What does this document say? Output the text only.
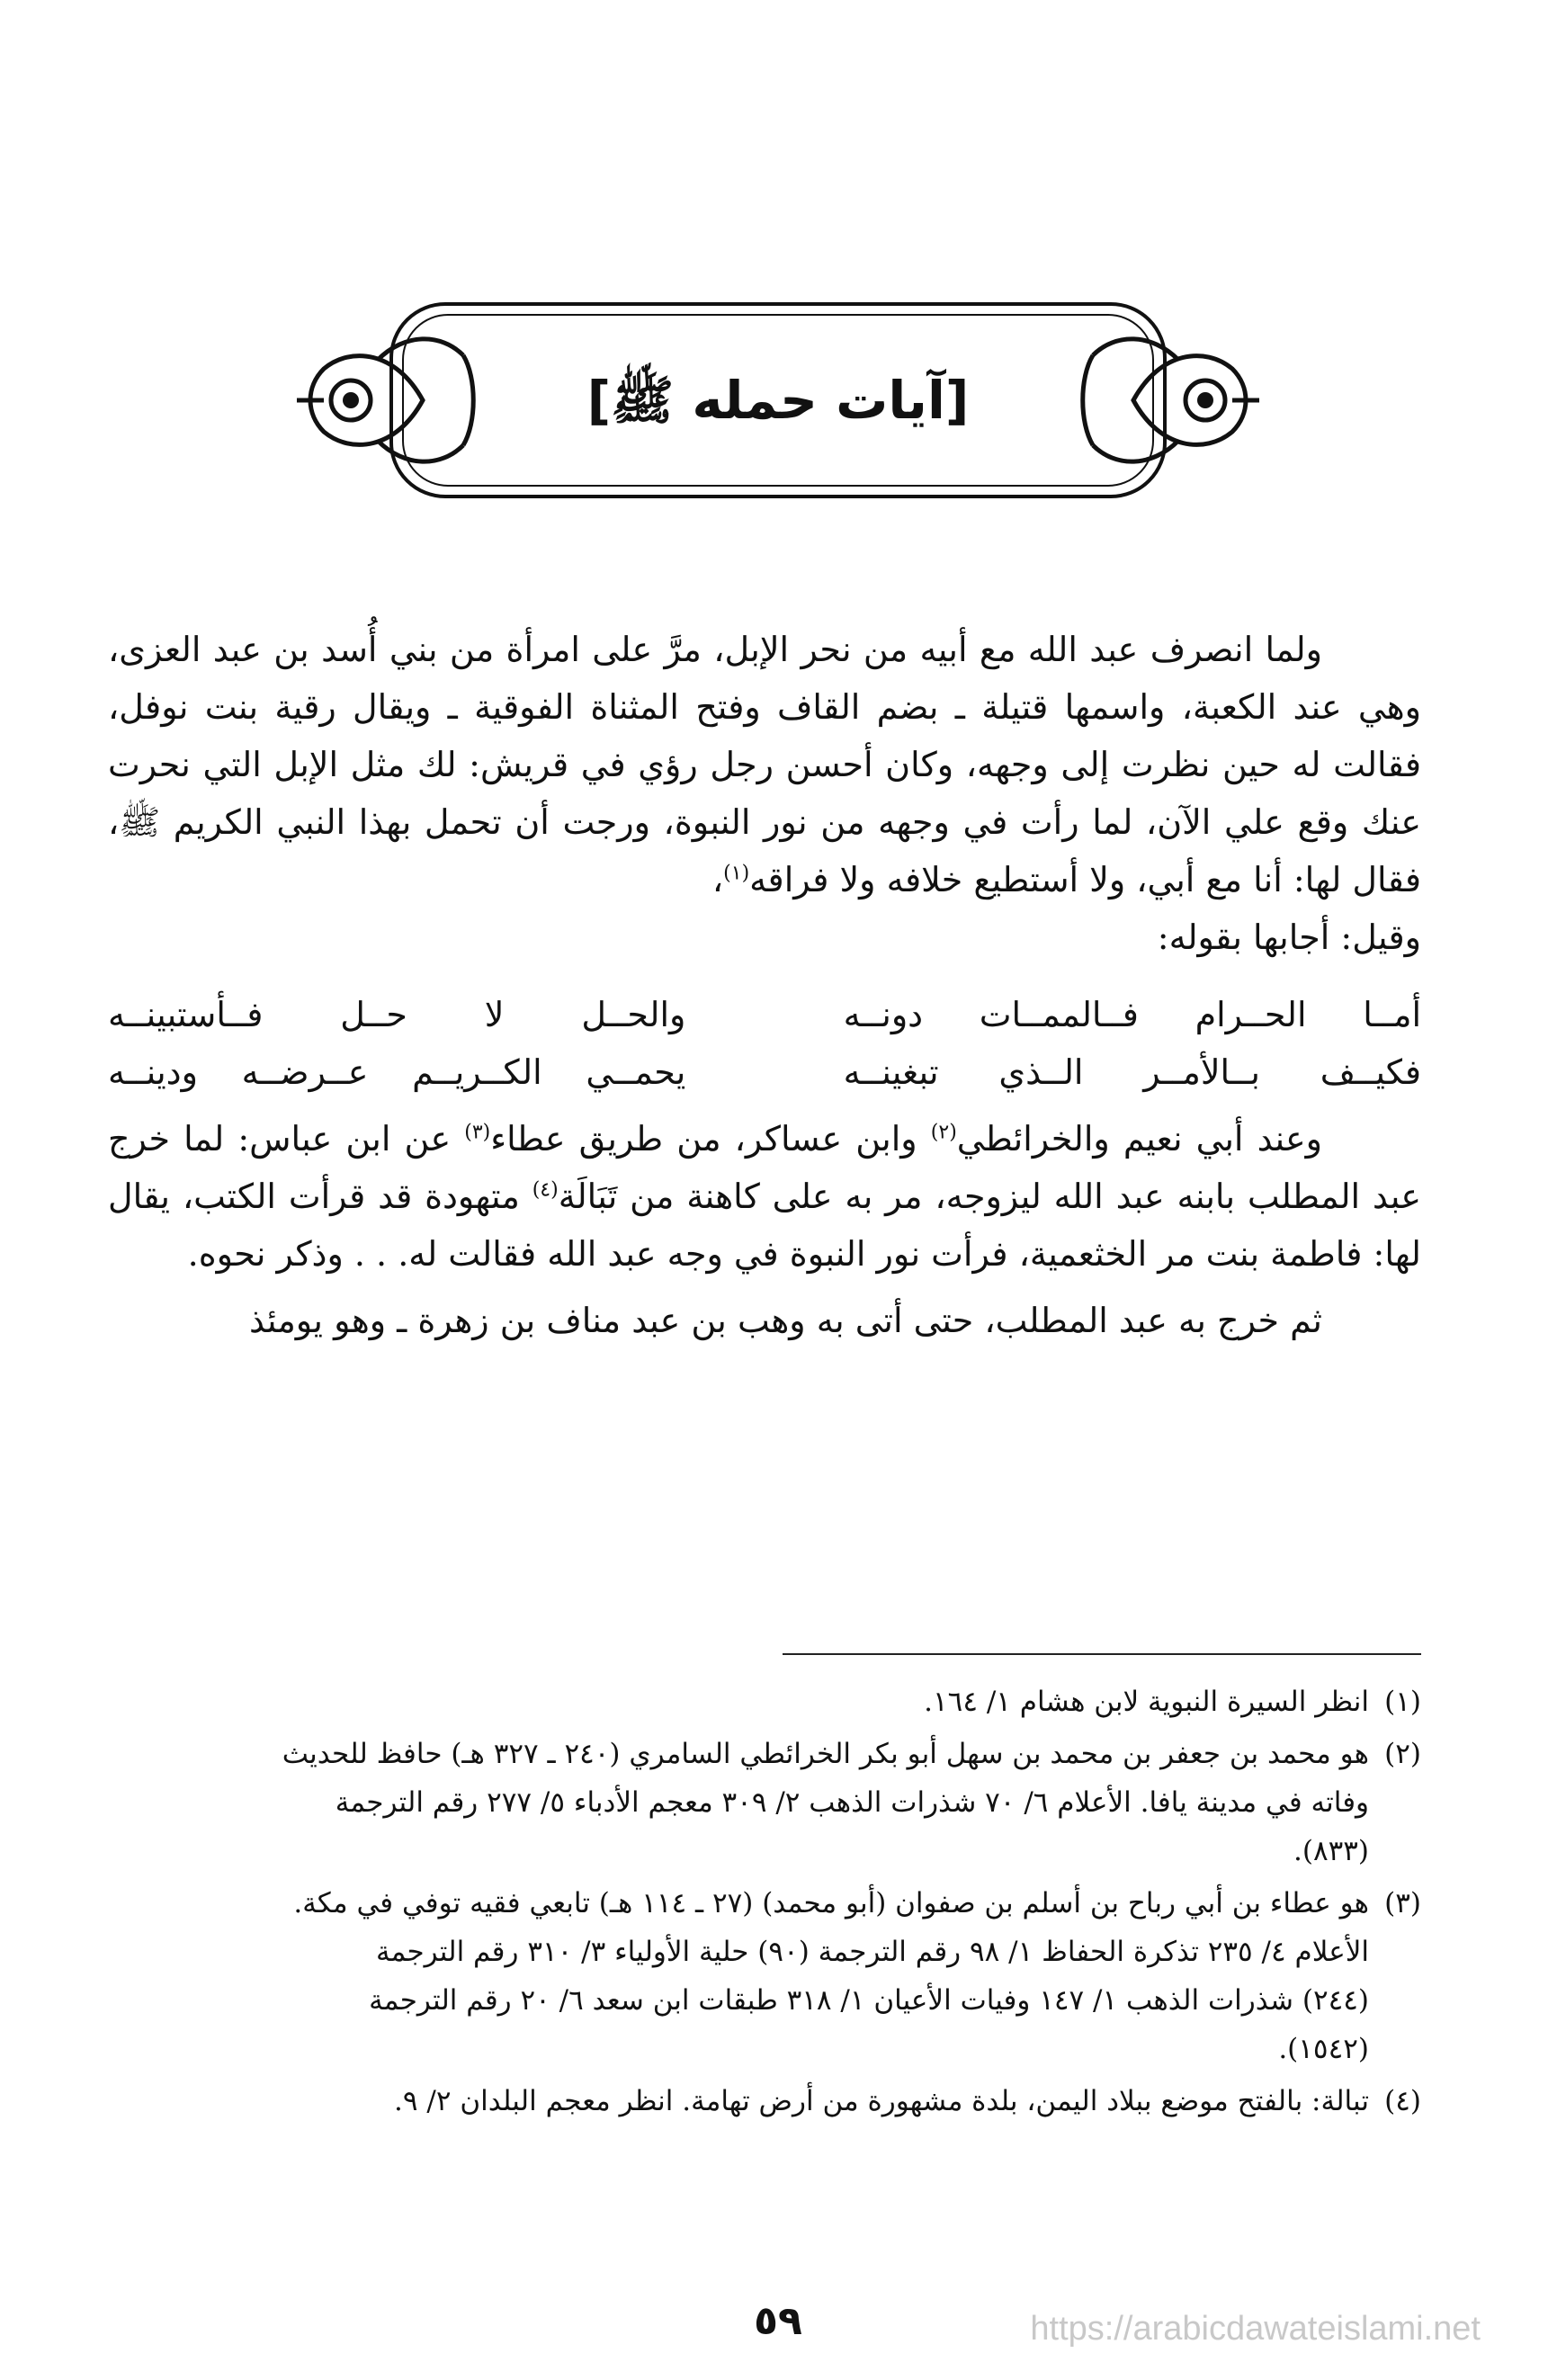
[آيات حمله ﷺ]

ولما انصرف عبد الله مع أبيه من نحر الإبل، مرَّ على امرأة من بني أُسد بن عبد العزى، وهي عند الكعبة، واسمها قتيلة ـ بضم القاف وفتح المثناة الفوقية ـ ويقال رقية بنت نوفل، فقالت له حين نظرت إلى وجهه، وكان أحسن رجل رؤي في قريش: لك مثل الإبل التي نحرت عنك وقع علي الآن، لما رأت في وجهه من نور النبوة، ورجت أن تحمل بهذا النبي الكريم ﷺ، فقال لها: أنا مع أبي، ولا أستطيع خلافه ولا فراقه$^{(١)}$،

وقيل: أجابها بقوله:

أمــا الحــرام فــالممــات دونــه
والحــل لا حــل فــأستبينــه
فكيــف بــالأمــر الــذي تبغينــه
يحمــي الكــريــم عــرضــه ودينــه

وعند أبي نعيم والخرائطي$^{(٢)}$ وابن عساكر، من طريق عطاء$^{(٣)}$ عن ابن عباس: لما خرج عبد المطلب بابنه عبد الله ليزوجه، مر به على كاهنة من تَبَالَة$^{(٤)}$ متهودة قد قرأت الكتب، يقال لها: فاطمة بنت مر الخثعمية، فرأت نور النبوة في وجه عبد الله فقالت له. . . وذكر نحوه.

ثم خرج به عبد المطلب، حتى أتى به وهب بن عبد مناف بن زهرة ـ وهو يومئذ

(١)انظر السيرة النبوية لابن هشام ١/ ١٦٤.
(٢)هو محمد بن جعفر بن محمد بن سهل أبو بكر الخرائطي السامري (٢٤٠ ـ ٣٢٧ هـ) حافظ للحديث
وفاته في مدينة يافا. الأعلام ٦/ ٧٠ شذرات الذهب ٢/ ٣٠٩ معجم الأدباء ٥/ ٢٧٧ رقم الترجمة
(٨٣٣).
(٣)هو عطاء بن أبي رباح بن أسلم بن صفوان (أبو محمد) (٢٧ ـ ١١٤ هـ) تابعي فقيه توفي في مكة.
الأعلام ٤/ ٢٣٥ تذكرة الحفاظ ١/ ٩٨ رقم الترجمة (٩٠) حلية الأولياء ٣/ ٣١٠ رقم الترجمة
(٢٤٤) شذرات الذهب ١/ ١٤٧ وفيات الأعيان ١/ ٣١٨ طبقات ابن سعد ٦/ ٢٠ رقم الترجمة
(١٥٤٢).
(٤)تبالة: بالفتح موضع ببلاد اليمن، بلدة مشهورة من أرض تهامة. انظر معجم البلدان ٢/ ٩.
٥٩	https://arabicdawateislami.net
